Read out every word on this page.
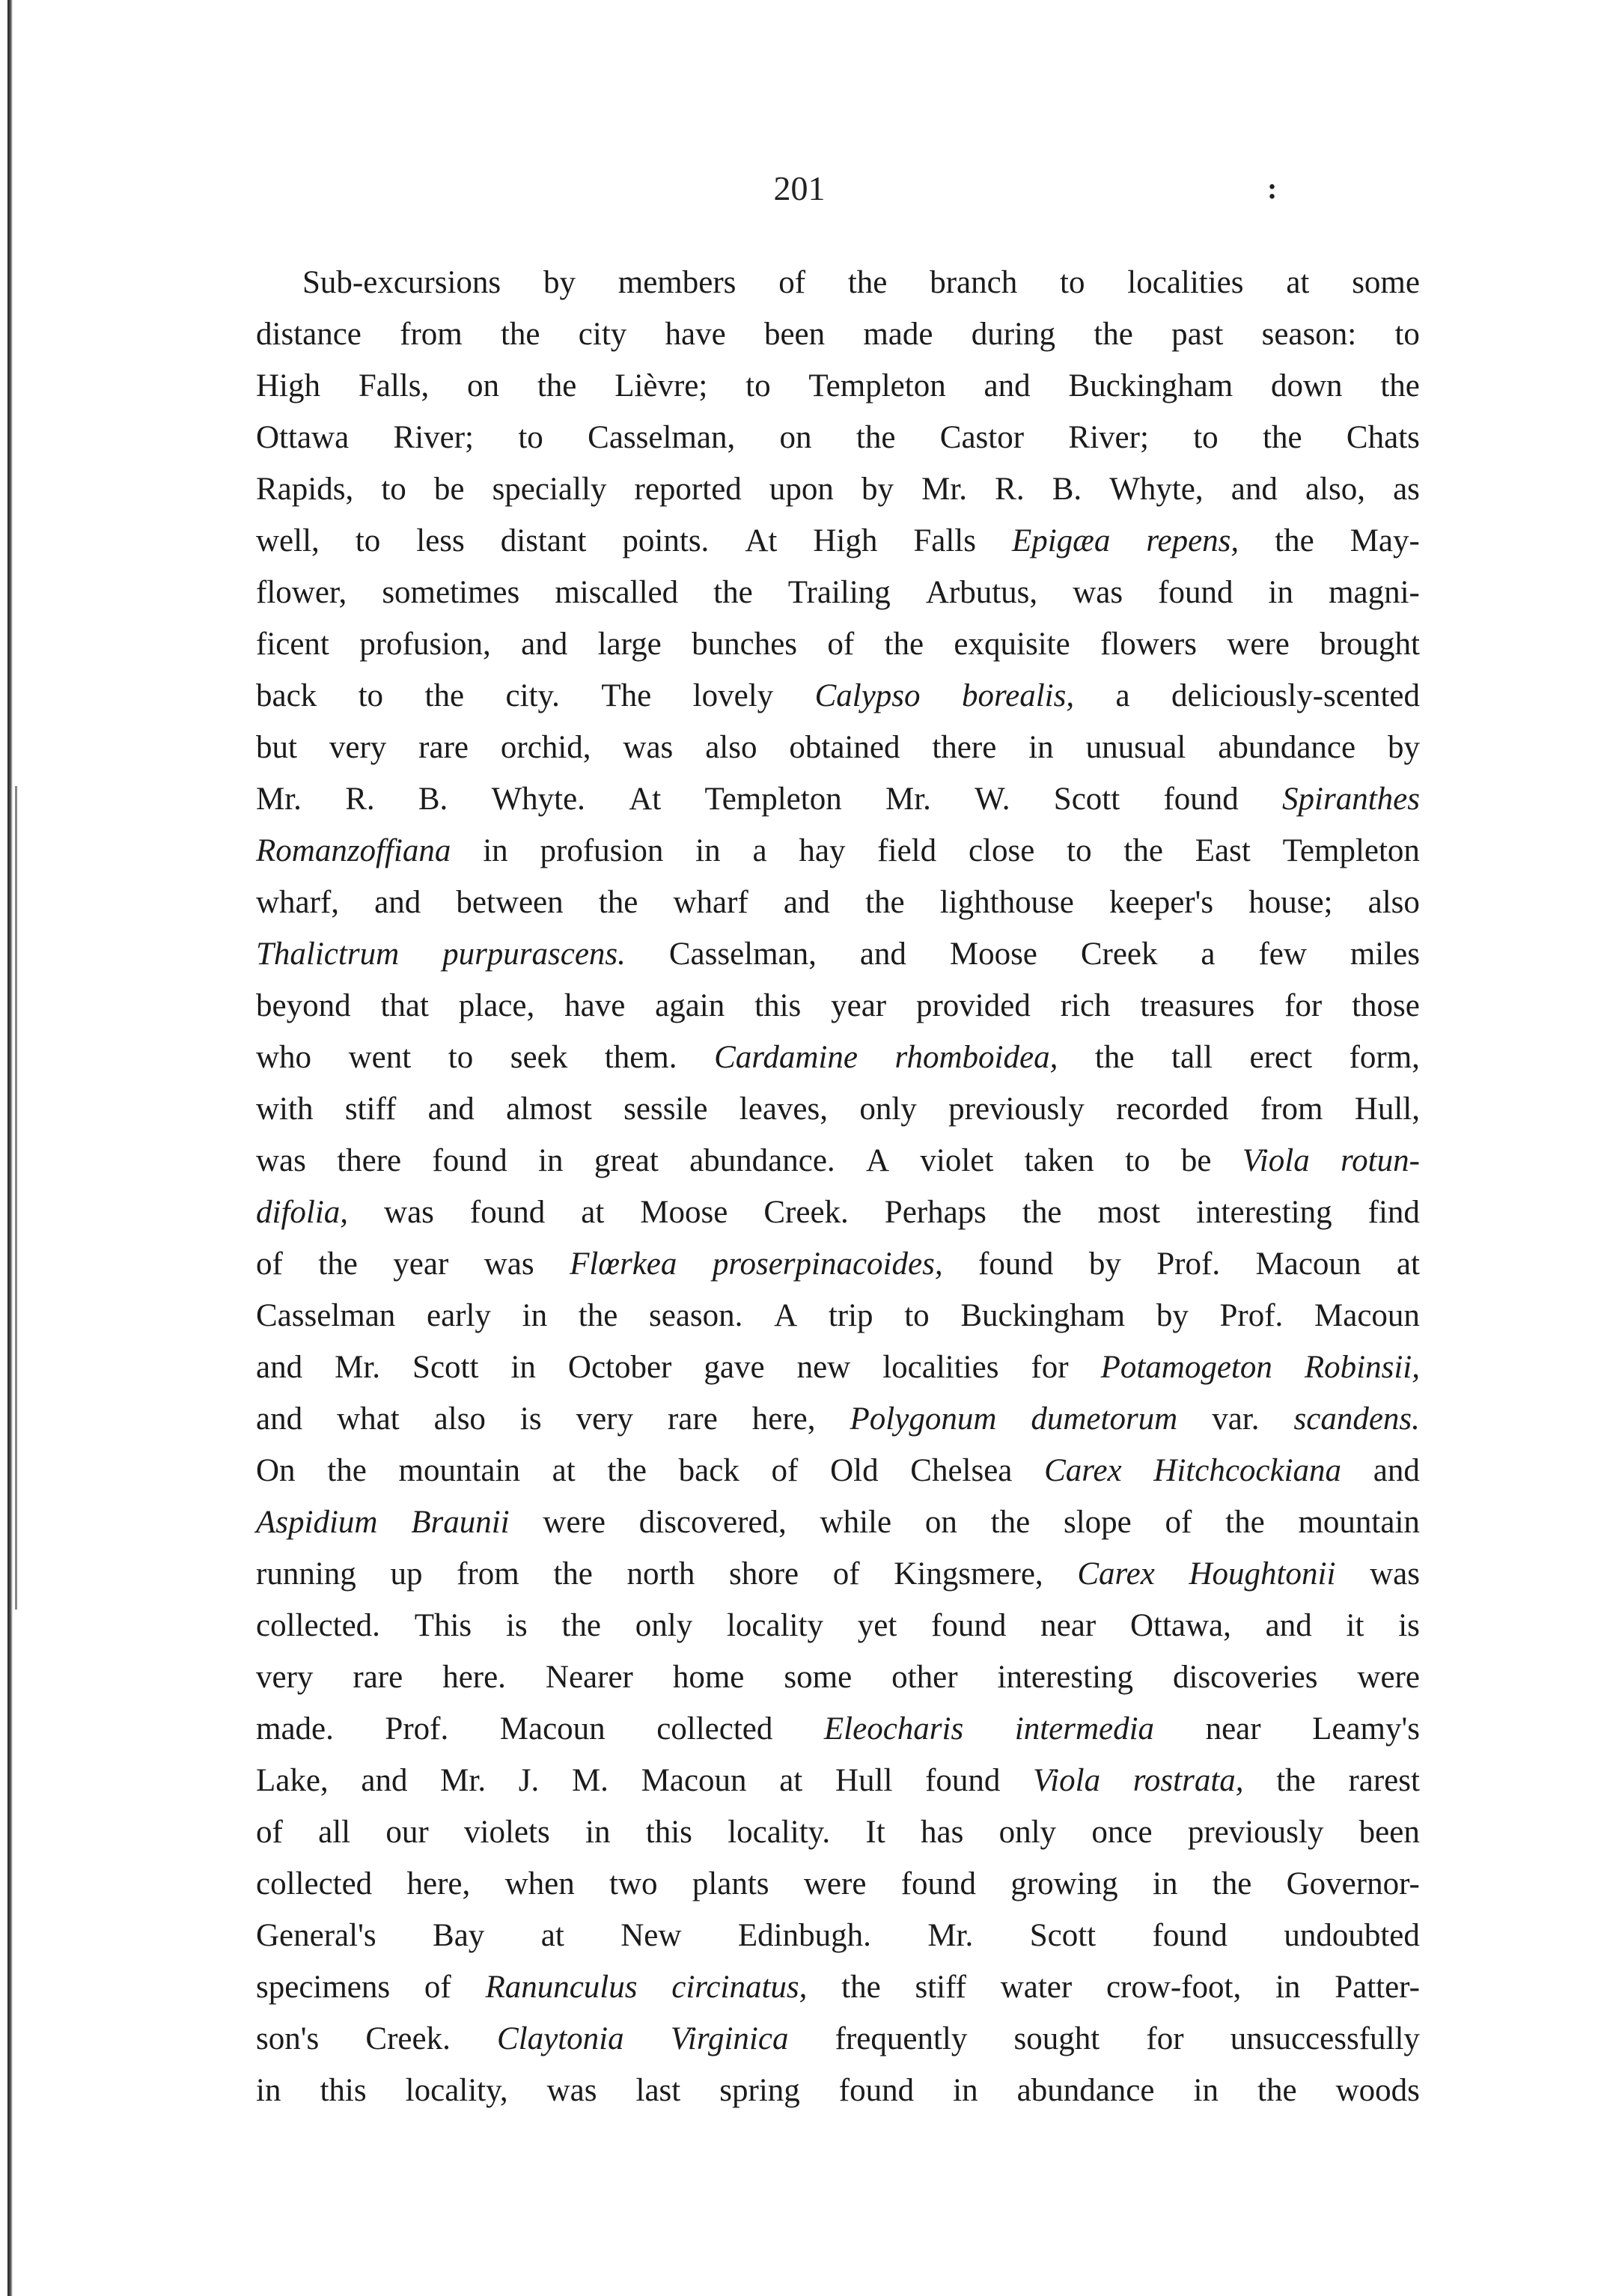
201	:
Sub-excursions by members of the branch to localities at some
distance from the city have been made during the past season: to
High Falls, on the Lièvre; to Templeton and Buckingham down the
Ottawa River; to Casselman, on the Castor River; to the Chats
Rapids, to be specially reported upon by Mr. R. B. Whyte, and also, as
well, to less distant points. At High Falls Epigæa repens, the May-
flower, sometimes miscalled the Trailing Arbutus, was found in magni-
ficent profusion, and large bunches of the exquisite flowers were brought
back to the city. The lovely Calypso borealis, a deliciously-scented
but very rare orchid, was also obtained there in unusual abundance by
Mr. R. B. Whyte. At Templeton Mr. W. Scott found Spiranthes
Romanzoffiana in profusion in a hay field close to the East Templeton
wharf, and between the wharf and the lighthouse keeper's house; also
Thalictrum purpurascens. Casselman, and Moose Creek a few miles
beyond that place, have again this year provided rich treasures for those
who went to seek them. Cardamine rhomboidea, the tall erect form,
with stiff and almost sessile leaves, only previously recorded from Hull,
was there found in great abundance. A violet taken to be Viola rotun-
difolia, was found at Moose Creek. Perhaps the most interesting find
of the year was Flœrkea proserpinacoides, found by Prof. Macoun at
Casselman early in the season. A trip to Buckingham by Prof. Macoun
and Mr. Scott in October gave new localities for Potamogeton Robinsii,
and what also is very rare here, Polygonum dumetorum var. scandens.
On the mountain at the back of Old Chelsea Carex Hitchcockiana and
Aspidium Braunii were discovered, while on the slope of the mountain
running up from the north shore of Kingsmere, Carex Houghtonii was
collected. This is the only locality yet found near Ottawa, and it is
very rare here. Nearer home some other interesting discoveries were
made. Prof. Macoun collected Eleocharis intermedia near Leamy's
Lake, and Mr. J. M. Macoun at Hull found Viola rostrata, the rarest
of all our violets in this locality. It has only once previously been
collected here, when two plants were found growing in the Governor-
General's Bay at New Edinbugh. Mr. Scott found undoubted
specimens of Ranunculus circinatus, the stiff water crow-foot, in Patter-
son's Creek. Claytonia Virginica frequently sought for unsuccessfully
in this locality, was last spring found in abundance in the woods
